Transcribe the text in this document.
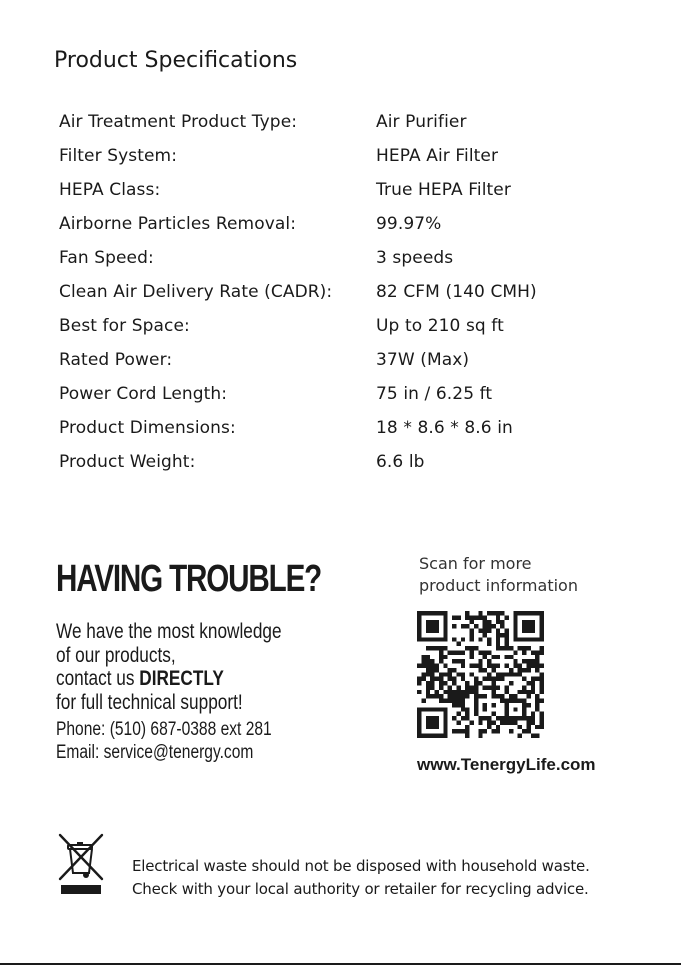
Product Specifications
Air Treatment Product Type:	Air Purifier
Filter System:	HEPA Air Filter
HEPA Class:	True HEPA Filter
Airborne Particles Removal:	99.97%
Fan Speed:	3 speeds
Clean Air Delivery Rate (CADR):	82 CFM (140 CMH)
Best for Space:	Up to 210 sq ft
Rated Power:	37W (Max)
Power Cord Length:	75 in / 6.25 ft
Product Dimensions:	18 * 8.6 * 8.6 in
Product Weight:	6.6 lb
HAVING TROUBLE?
We have the most knowledge
of our products,
contact us DIRECTLY
for full technical support!
Phone: (510) 687-0388 ext 281
Email: service@tenergy.com
Scan for more
product information
www.TenergyLife.com
Electrical waste should not be disposed with household waste.
Check with your local authority or retailer for recycling advice.
